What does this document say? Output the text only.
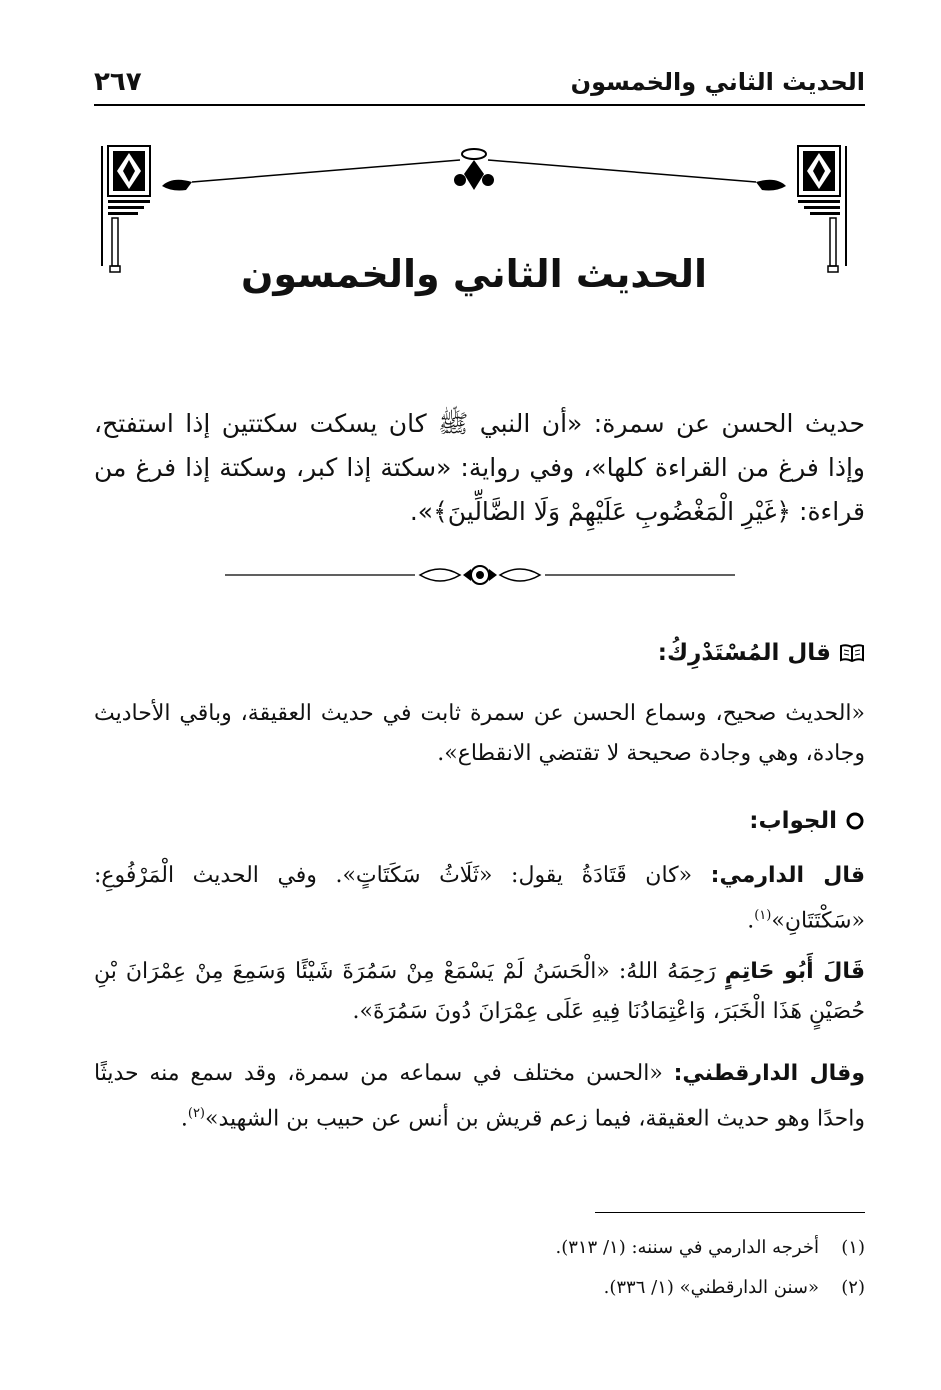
٢٦٧	الحديث الثاني والخمسون
الحديث الثاني والخمسون
حديث الحسن عن سمرة: «أن النبي ﷺ كان يسكت سكتتين إذا استفتح، وإذا فرغ من القراءة كلها»، وفي رواية: «سكتة إذا كبر، وسكتة إذا فرغ من قراءة: ﴿غَيْرِ الْمَغْضُوبِ عَلَيْهِمْ وَلَا الضَّالِّينَ﴾».
قال المُسْتَدْرِكُ:
«الحديث صحيح، وسماع الحسن عن سمرة ثابت في حديث العقيقة، وباقي الأحاديث وجادة، وهي وجادة صحيحة لا تقتضي الانقطاع».
الجواب:
قال الدارمي: «كان قَتَادَةُ يقول: «ثَلَاثُ سَكَتَاتٍ». وفي الحديث الْمَرْفُوعِ: «سَكْتَتَانِ»$^{(١)}$.
قَالَ أَبُو حَاتِمٍ رَحِمَهُ اللهُ: «الْحَسَنُ لَمْ يَسْمَعْ مِنْ سَمُرَةَ شَيْئًا وَسَمِعَ مِنْ عِمْرَانَ بْنِ حُصَيْنٍ هَذَا الْخَبَرَ، وَاعْتِمَادُنَا فِيهِ عَلَى عِمْرَانَ دُونَ سَمُرَةَ».
وقال الدارقطني: «الحسن مختلف في سماعه من سمرة، وقد سمع منه حديثًا واحدًا وهو حديث العقيقة، فيما زعم قريش بن أنس عن حبيب بن الشهيد»$^{(٢)}$.
(١)
أخرجه الدارمي في سننه: (١/ ٣١٣).
(٢)
«سنن الدارقطني» (١/ ٣٣٦).
